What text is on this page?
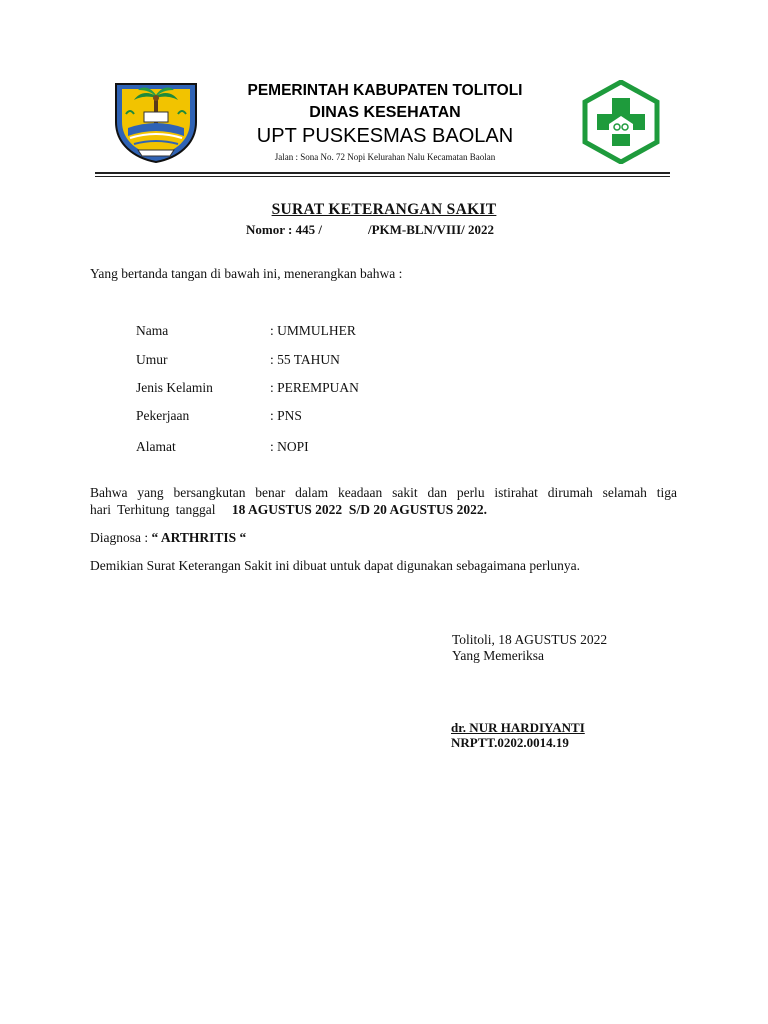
PEMERINTAH KABUPATEN TOLITOLI
DINAS KESEHATAN
UPT PUSKESMAS BAOLAN
Jalan : Sona No. 72 Nopi Kelurahan Nalu Kecamatan Baolan
SURAT KETERANGAN SAKIT
Nomor : 445 /	/PKM-BLN/VIII/ 2022
Yang bertanda tangan di bawah ini, menerangkan bahwa :
Nama	: UMMULHER
Umur	: 55 TAHUN
Jenis Kelamin	: PEREMPUAN
Pekerjaan	: PNS
Alamat	: NOPI
Bahwa yang bersangkutan benar dalam keadaan sakit dan perlu istirahat dirumah selamah tiga
hari Terhitung tanggal 18 AGUSTUS 2022  S/D 20 AGUSTUS 2022.
Diagnosa : “ ARTHRITIS “
Demikian Surat Keterangan Sakit ini dibuat untuk dapat digunakan sebagaimana perlunya.
Tolitoli, 18 AGUSTUS 2022
Yang Memeriksa
dr. NUR HARDIYANTI
NRPTT.0202.0014.19
